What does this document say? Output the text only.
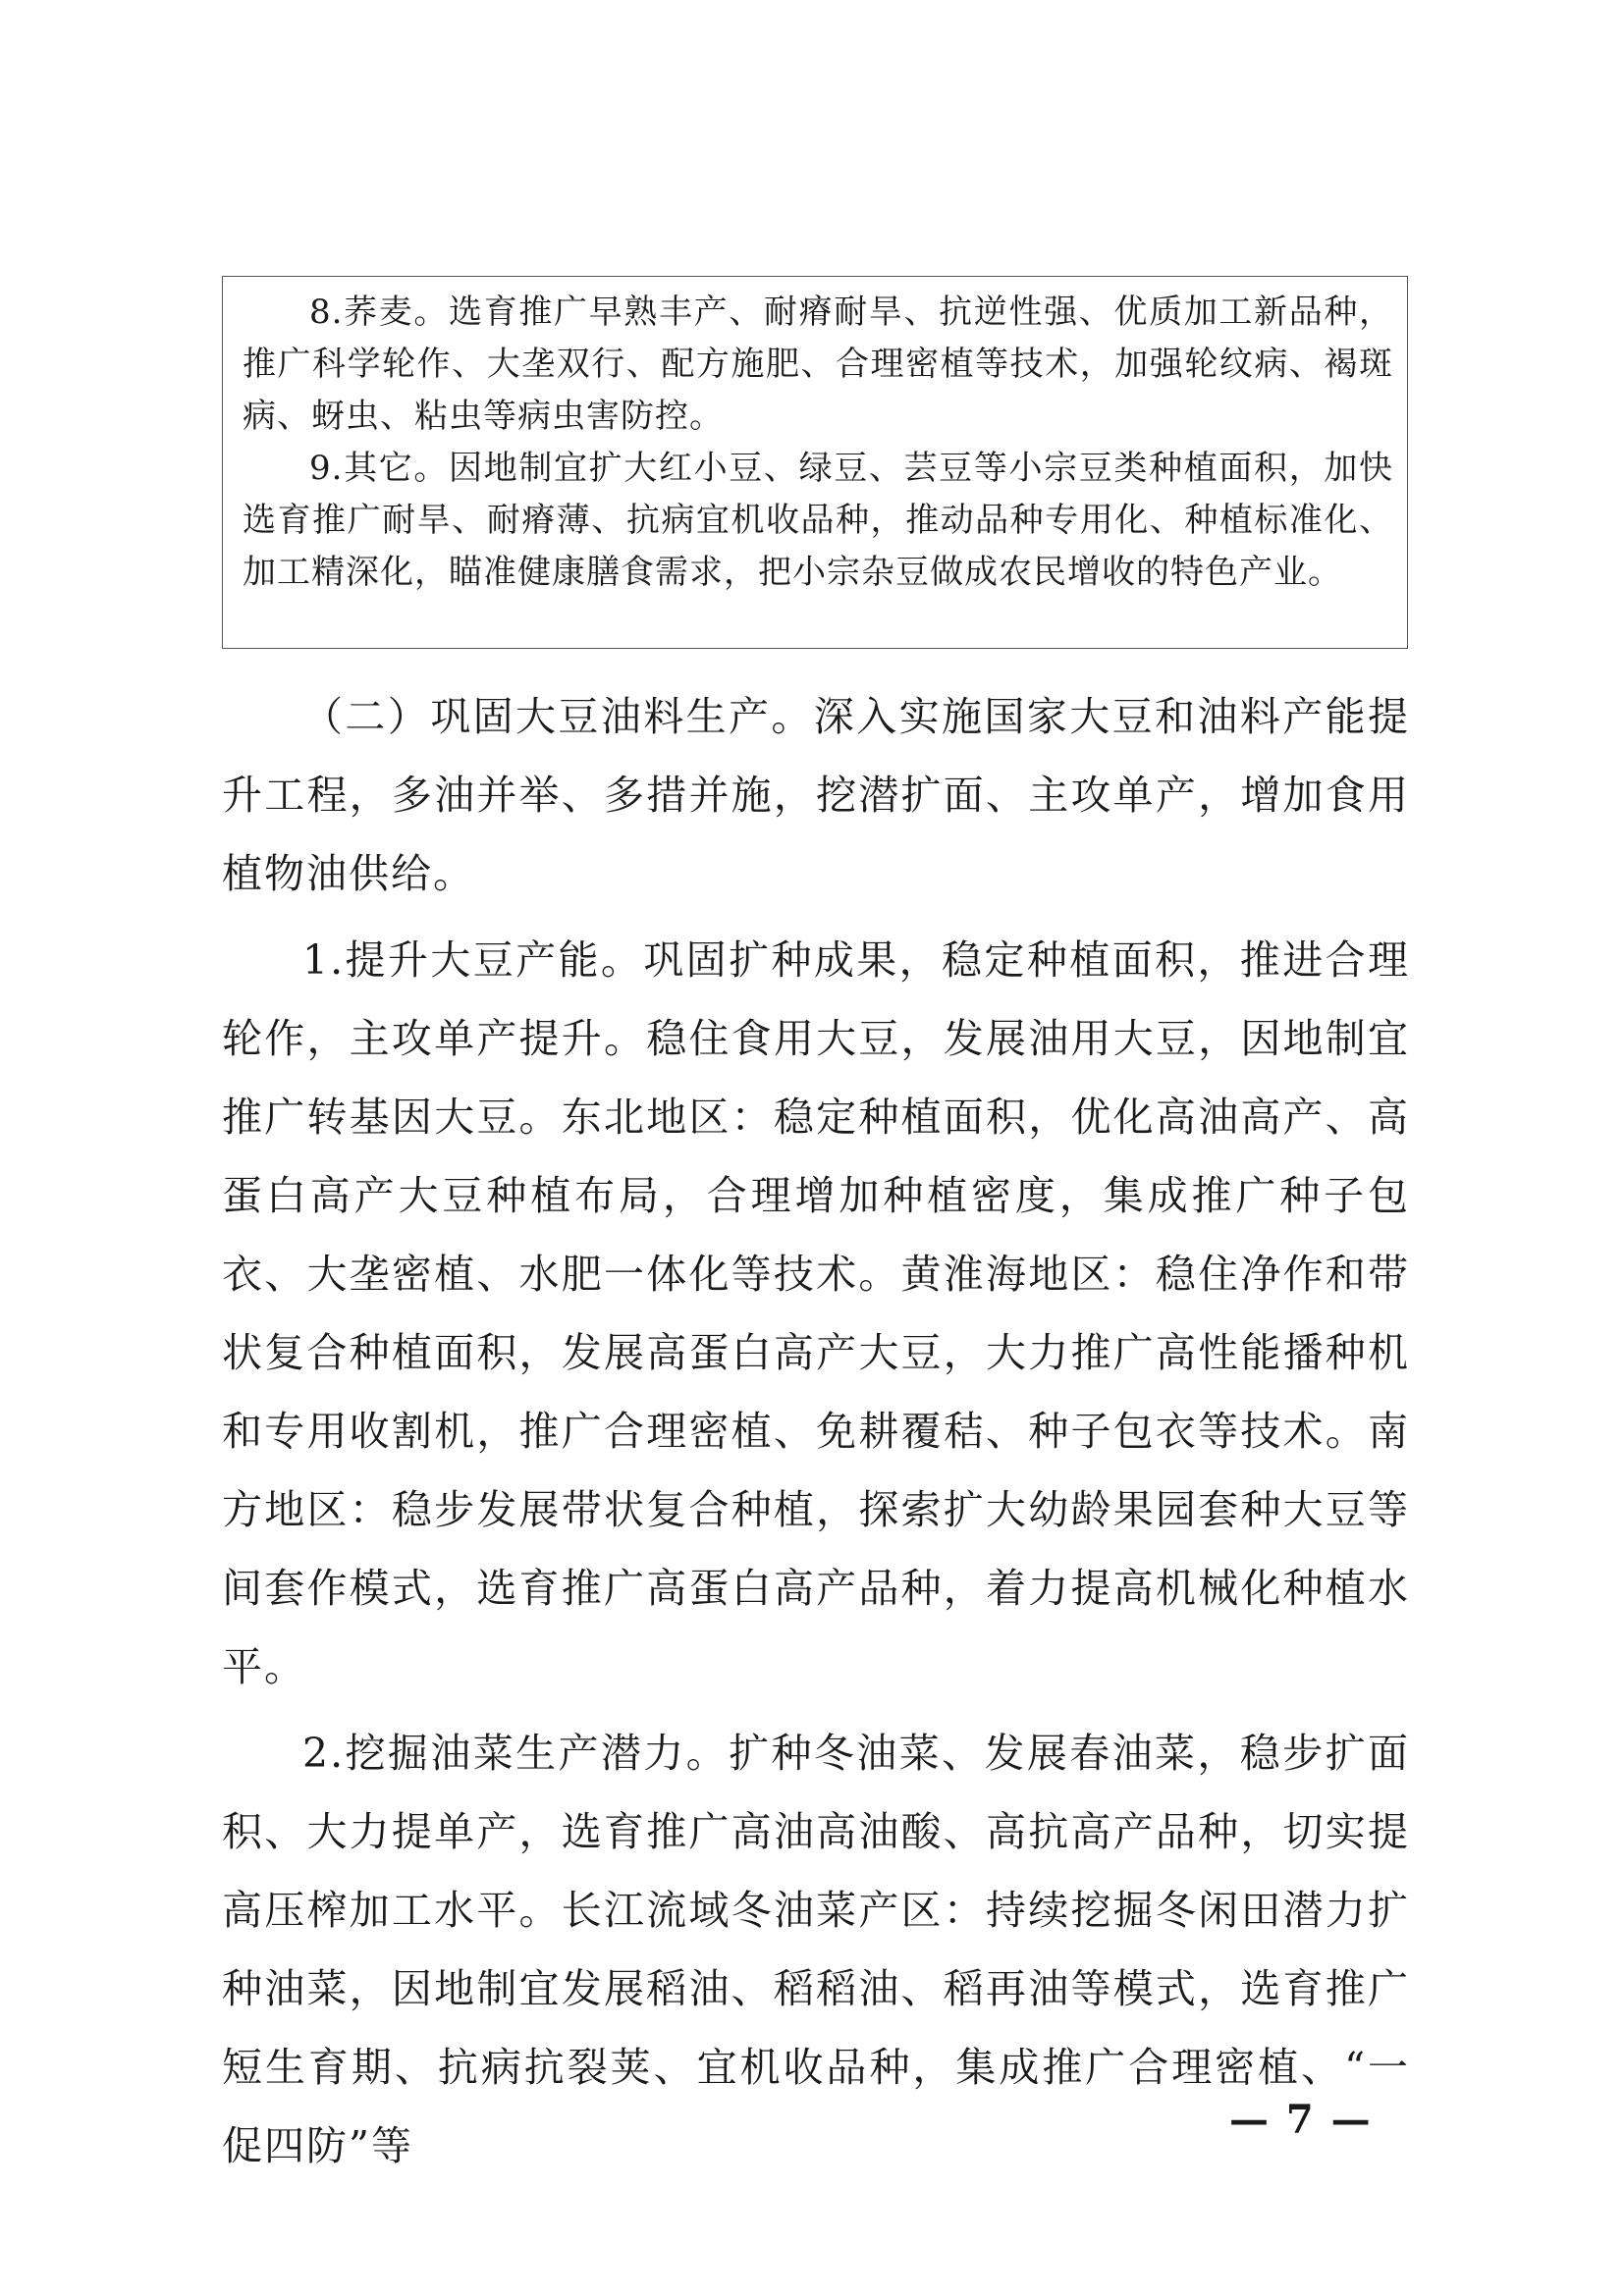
8.荞麦。选育推广早熟丰产、耐瘠耐旱、抗逆性强、优质加工新品种，推广科学轮作、大垄双行、配方施肥、合理密植等技术，加强轮纹病、褐斑病、蚜虫、粘虫等病虫害防控。

9.其它。因地制宜扩大红小豆、绿豆、芸豆等小宗豆类种植面积，加快选育推广耐旱、耐瘠薄、抗病宜机收品种，推动品种专用化、种植标准化、加工精深化，瞄准健康膳食需求，把小宗杂豆做成农民增收的特色产业。

（二）巩固大豆油料生产。深入实施国家大豆和油料产能提升工程，多油并举、多措并施，挖潜扩面、主攻单产，增加食用植物油供给。

1.提升大豆产能。巩固扩种成果，稳定种植面积，推进合理轮作，主攻单产提升。稳住食用大豆，发展油用大豆，因地制宜推广转基因大豆。东北地区：稳定种植面积，优化高油高产、高蛋白高产大豆种植布局，合理增加种植密度，集成推广种子包衣、大垄密植、水肥一体化等技术。黄淮海地区：稳住净作和带状复合种植面积，发展高蛋白高产大豆，大力推广高性能播种机和专用收割机，推广合理密植、免耕覆秸、种子包衣等技术。南方地区：稳步发展带状复合种植，探索扩大幼龄果园套种大豆等间套作模式，选育推广高蛋白高产品种，着力提高机械化种植水平。

2.挖掘油菜生产潜力。扩种冬油菜、发展春油菜，稳步扩面积、大力提单产，选育推广高油高油酸、高抗高产品种，切实提高压榨加工水平。长江流域冬油菜产区：持续挖掘冬闲田潜力扩种油菜，因地制宜发展稻油、稻稻油、稻再油等模式，选育推广短生育期、抗病抗裂荚、宜机收品种，集成推广合理密植、“一促四防”等

— 7 —
